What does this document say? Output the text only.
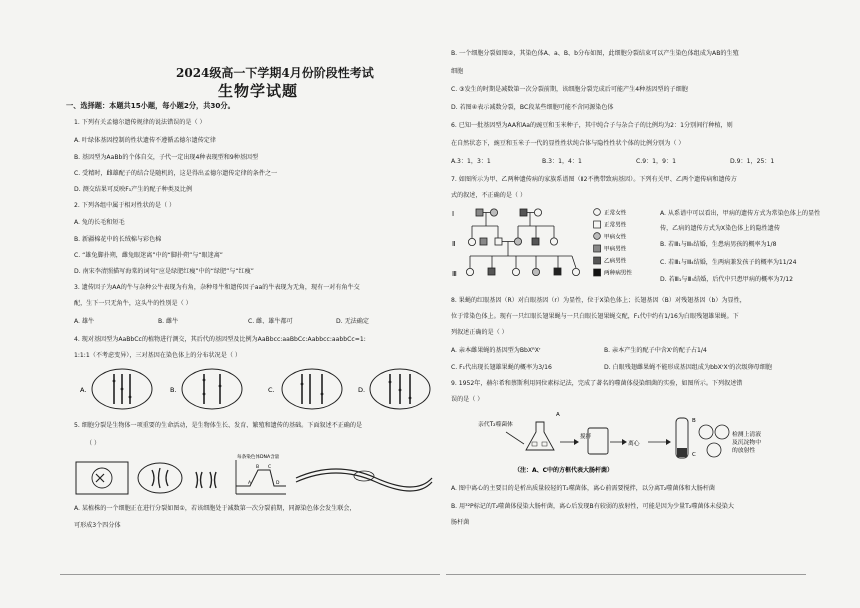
2024级高一下学期4月份阶段性考试
生物学试题
一、选择题：本题共15小题，每小题2分，共30分。
1. 下列有关孟德尔遗传规律的说法错误的是（ ）
A. 叶绿体基因控制的性状遗传不遵循孟德尔遗传定律
B. 基因型为AaBb的个体自交，子代一定出现4种表现型和9种基因型
C. 受精时，雌雄配子的结合是随机的，这是得出孟德尔遗传定律的条件之一
D. 测交结果可反映F₁产生的配子种类及比例
2. 下列各组中属于相对性状的是（ ）
A. 兔的长毛和短毛
B. 新疆棉花中的长绒棉与彩色棉
C. “雄兔脚扑朔，雌兔眼迷离”中的“脚扑朔”与“眼迷离”
D. 南宋李清照描写海棠的词句“应是绿肥红瘦”中的“绿肥”与“红瘦”
3. 遗传因子为AA的牛与杂种公牛表现为有角，杂种母牛和遗传因子aa的牛表现为无角，现有一对有角牛交
配，生下一只无角牛，这头牛的性别是（ ）
A. 雄牛	B. 雌牛	C. 雌、雄牛都可	D. 无法确定
4. 现对基因型为AaBbCc的植物进行测交，其后代的基因型及比例为AaBbcc:aaBbCc:Aabbcc:aabbCc=1:
1:1:1（不考虑变异），三对基因在染色体上的分布状况是（ ）
A.	B.	C.	D.
5. 细胞分裂是生物体一项重要的生命活动，是生物体生长、发育、繁殖和遗传的基础。下面叙述不正确的是
（ ）
每条染色体DNA含量
A
B C
D
A. 某植株的一个细胞正在进行分裂如图①，若该细胞处于减数第一次分裂前期，同源染色体会发生联会，
可形成3个四分体
B. 一个细胞分裂如图②，其染色体A、a、B、b分布如图，此细胞分裂结束可以产生染色体组成为AB的生殖
细胞
C. ③发生的时期是减数第一次分裂前期，该细胞分裂完成后可能产生4种基因型的子细胞
D. 若图④表示减数分裂，BC段某些细胞可能不含同源染色体
6. 已知一批基因型为AA和Aa的豌豆和玉米种子，其中纯合子与杂合子的比例均为2：1分别间行种植，则
在自然状态下，豌豆和玉米子一代的显性性状纯合体与隐性性状个体的比例分别为（ ）
A.3：1，3：1	B.3：1，4：1	C.9：1，9：1	D.9：1，25：1
7. 如图所示为甲、乙两种遗传病的家族系谱图（Ⅱ2不携带致病基因）。下列有关甲、乙两个遗传病和遗传方
式的叙述，不正确的是（ ）
Ⅰ
Ⅱ
Ⅲ
正常女性
正常男性
甲病女性
甲病男性
乙病男性
两种病男性
A. 从系谱中可以看出，甲病的遗传方式为常染色体上的显性
传，乙病的遗传方式为X染色体上的隐性遗传
B. 若Ⅲ₁与Ⅲ₅结婚，生患病男孩的概率为1/8
C. 若Ⅲ₁与Ⅲ₄结婚，生两病兼发孩子的概率为11/24
D. 若Ⅲ₁与Ⅲ₅结婚，后代中只患甲病的概率为7/12
8. 果蝇的红眼基因（R）对白眼基因（r）为显性，位于X染色体上；长翅基因（B）对残翅基因（b）为显性，
位于常染色体上。现有一只红眼长翅果蝇与一只白眼长翅果蝇交配，F₁代中约有1/16为白眼残翅雄果蝇。下
列叙述正确的是（ ）
A. 亲本雌果蝇的基因型为BbXᴿXʳ	B. 亲本产生的配子中含Xʳ的配子占1/4
C. F₁代出现长翅雄果蝇的概率为3/16	D. 白眼残翅雌果蝇不能形成基因组成为bbXʳXʳ的次级卵母细胞
9. 1952年，赫尔希和蔡斯利用同位素标记法，完成了著名的噬菌体侵染细菌的实验，如图所示。下列叙述错
误的是（ ）
亲代T₂噬菌体
A
搅拌
离心
B
C
检测上清液
及沉淀物中
的放射性
（注：A、C中的方框代表大肠杆菌）
A. 图中离心的主要目的是析出质量较轻的T₂噬菌体，离心前需要搅拌，以分离T₂噬菌体和大肠杆菌
B. 用³²P标记的T₂噬菌体侵染大肠杆菌，离心后发现B有较弱的放射性，可能是因为少量T₂噬菌体未侵染大
肠杆菌
